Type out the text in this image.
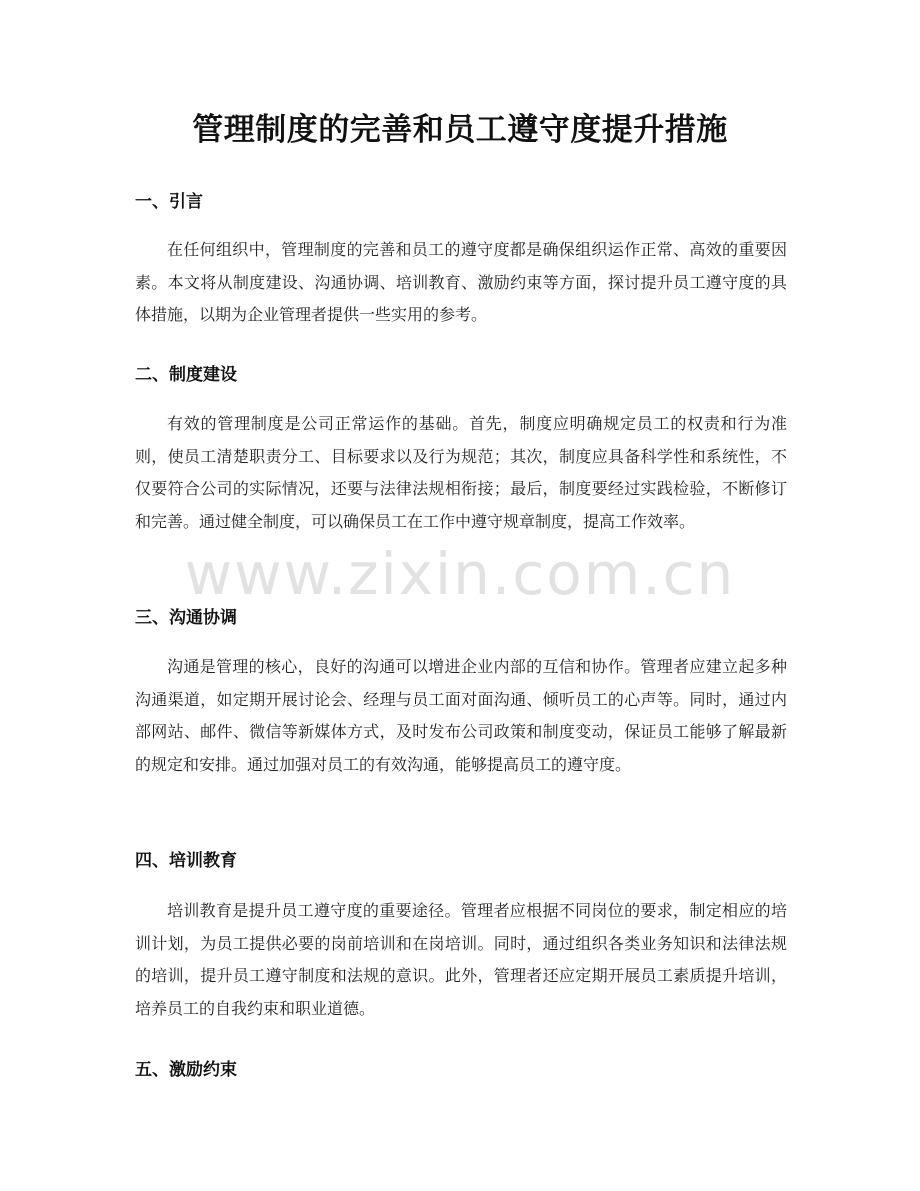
管理制度的完善和员工遵守度提升措施
一、引言
在任何组织中，管理制度的完善和员工的遵守度都是确保组织运作正常、高效的重要因素。本文将从制度建设、沟通协调、培训教育、激励约束等方面，探讨提升员工遵守度的具体措施，以期为企业管理者提供一些实用的参考。
二、制度建设
有效的管理制度是公司正常运作的基础。首先，制度应明确规定员工的权责和行为准则，使员工清楚职责分工、目标要求以及行为规范；其次，制度应具备科学性和系统性，不仅要符合公司的实际情况，还要与法律法规相衔接；最后，制度要经过实践检验，不断修订和完善。通过健全制度，可以确保员工在工作中遵守规章制度，提高工作效率。
三、沟通协调
沟通是管理的核心，良好的沟通可以增进企业内部的互信和协作。管理者应建立起多种沟通渠道，如定期开展讨论会、经理与员工面对面沟通、倾听员工的心声等。同时，通过内部网站、邮件、微信等新媒体方式，及时发布公司政策和制度变动，保证员工能够了解最新的规定和安排。通过加强对员工的有效沟通，能够提高员工的遵守度。
四、培训教育
培训教育是提升员工遵守度的重要途径。管理者应根据不同岗位的要求，制定相应的培训计划，为员工提供必要的岗前培训和在岗培训。同时，通过组织各类业务知识和法律法规的培训，提升员工遵守制度和法规的意识。此外，管理者还应定期开展员工素质提升培训，培养员工的自我约束和职业道德。
五、激励约束
www.zixin.com.cn
